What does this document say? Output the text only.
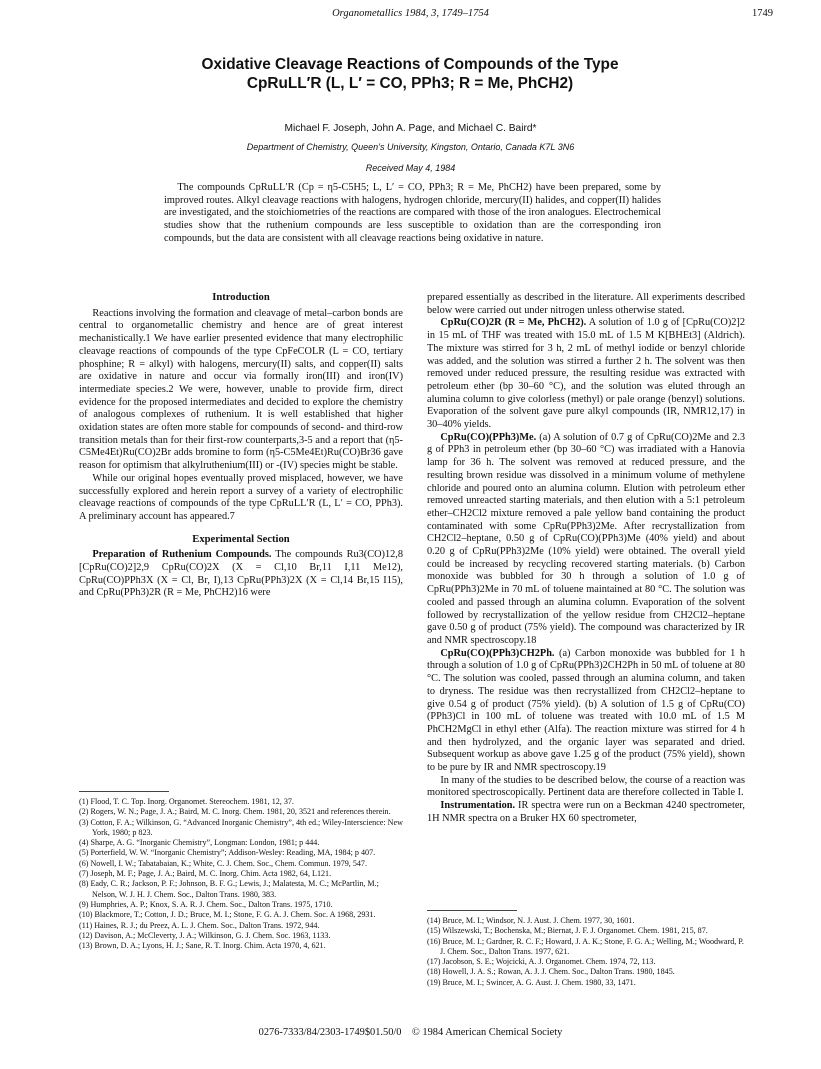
Organometallics 1984, 3, 1749–1754	1749
Oxidative Cleavage Reactions of Compounds of the Type
CpRuLL′R (L, L′ = CO, PPh3; R = Me, PhCH2)
Michael F. Joseph, John A. Page, and Michael C. Baird*
Department of Chemistry, Queen’s University, Kingston, Ontario, Canada K7L 3N6
Received May 4, 1984

The compounds CpRuLL′R (Cp = η5-C5H5; L, L′ = CO, PPh3; R = Me, PhCH2) have been prepared, some by improved routes. Alkyl cleavage reactions with halogens, hydrogen chloride, mercury(II) halides, and copper(II) halides are investigated, and the stoichiometries of the reactions are compared with those of the iron analogues. Electrochemical studies show that the ruthenium compounds are less susceptible to oxidation than are the corresponding iron compounds, but the data are consistent with all cleavage reactions being oxidative in nature.

Introduction

Reactions involving the formation and cleavage of metal–carbon bonds are central to organometallic chemistry and hence are of great interest mechanistically.1 We have earlier presented evidence that many electrophilic cleavage reactions of compounds of the type CpFeCOLR (L = CO, tertiary phosphine; R = alkyl) with halogens, mercury(II) salts, and copper(II) salts are oxidative in nature and occur via formally iron(III) and iron(IV) intermediate species.2 We were, however, unable to provide firm, direct evidence for the proposed intermediates and decided to explore the chemistry of analogous complexes of ruthenium. It is well established that higher oxidation states are often more stable for compounds of second- and third-row transition metals than for their first-row counterparts,3-5 and a report that (η5-C5Me4Et)Ru(CO)2Br adds bromine to form (η5-C5Me4Et)Ru(CO)Br36 gave reason for optimism that alkylruthenium(III) or -(IV) species might be stable.

While our original hopes eventually proved misplaced, however, we have successfully explored and herein report a survey of a variety of electrophilic cleavage reactions of compounds of the type CpRuLL′R (L, L′ = CO, PPh3). A preliminary account has appeared.7

Experimental Section

Preparation of Ruthenium Compounds. The compounds Ru3(CO)12,8 [CpRu(CO)2]2,9 CpRu(CO)2X (X = Cl,10 Br,11 I,11 Me12), CpRu(CO)PPh3X (X = Cl, Br, I),13 CpRu(PPh3)2X (X = Cl,14 Br,15 I15), and CpRu(PPh3)2R (R = Me, PhCH2)16 were

prepared essentially as described in the literature. All experiments described below were carried out under nitrogen unless otherwise stated.

CpRu(CO)2R (R = Me, PhCH2). A solution of 1.0 g of [CpRu(CO)2]2 in 15 mL of THF was treated with 15.0 mL of 1.5 M K[BHEt3] (Aldrich). The mixture was stirred for 3 h, 2 mL of methyl iodide or benzyl chloride was added, and the solution was stirred a further 2 h. The solvent was then removed under reduced pressure, the resulting residue was extracted with petroleum ether (bp 30–60 °C), and the solution was eluted through an alumina column to give colorless (methyl) or pale orange (benzyl) solutions. Evaporation of the solvent gave pure alkyl compounds (IR, NMR12,17) in 30–40% yields.

CpRu(CO)(PPh3)Me. (a) A solution of 0.7 g of CpRu(CO)2Me and 2.3 g of PPh3 in petroleum ether (bp 30–60 °C) was irradiated with a Hanovia lamp for 36 h. The solvent was removed at reduced pressure, and the resulting brown residue was dissolved in a minimum volume of methylene chloride and poured onto an alumina column. Elution with petroleum ether removed unreacted starting materials, and then elution with a 5:1 petroleum ether–CH2Cl2 mixture removed a pale yellow band containing the product contaminated with some CpRu(PPh3)2Me. After recrystallization from CH2Cl2–heptane, 0.50 g of CpRu(CO)(PPh3)Me (40% yield) and about 0.20 g of CpRu(PPh3)2Me (10% yield) were obtained. The overall yield could be increased by recycling recovered starting materials. (b) Carbon monoxide was bubbled for 30 h through a solution of 1.0 g of CpRu(PPh3)2Me in 70 mL of toluene maintained at 80 °C. The solution was cooled and passed through an alumina column. Evaporation of the solvent followed by recrystallization of the yellow residue from CH2Cl2–heptane gave 0.50 g of product (75% yield). The compound was characterized by IR and NMR spectroscopy.18

CpRu(CO)(PPh3)CH2Ph. (a) Carbon monoxide was bubbled for 1 h through a solution of 1.0 g of CpRu(PPh3)2CH2Ph in 50 mL of toluene at 80 °C. The solution was cooled, passed through an alumina column, and taken to dryness. The residue was then recrystallized from CH2Cl2–heptane to give 0.54 g of product (75% yield). (b) A solution of 1.5 g of CpRu(CO)(PPh3)Cl in 100 mL of toluene was treated with 10.0 mL of 1.5 M PhCH2MgCl in ethyl ether (Alfa). The reaction mixture was stirred for 4 h and then hydrolyzed, and the organic layer was separated and dried. Subsequent workup as above gave 1.25 g of the product (75% yield), shown to be pure by IR and NMR spectroscopy.19

In many of the studies to be described below, the course of a reaction was monitored spectroscopically. Pertinent data are therefore collected in Table I.

Instrumentation. IR spectra were run on a Beckman 4240 spectrometer, 1H NMR spectra on a Bruker HX 60 spectrometer,

(1) Flood, T. C. Top. Inorg. Organomet. Stereochem. 1981, 12, 37.
(2) Rogers, W. N.; Page, J. A.; Baird, M. C. Inorg. Chem. 1981, 20, 3521 and references therein.
(3) Cotton, F. A.; Wilkinson, G. “Advanced Inorganic Chemistry”, 4th ed.; Wiley-Interscience: New York, 1980; p 823.
(4) Sharpe, A. G. “Inorganic Chemistry”, Longman: London, 1981; p 444.
(5) Porterfield, W. W. “Inorganic Chemistry”; Addison-Wesley: Reading, MA, 1984; p 407.
(6) Nowell, I. W.; Tabatabaian, K.; White, C. J. Chem. Soc., Chem. Commun. 1979, 547.
(7) Joseph, M. F.; Page, J. A.; Baird, M. C. Inorg. Chim. Acta 1982, 64, L121.
(8) Eady, C. R.; Jackson, P. F.; Johnson, B. F. G.; Lewis, J.; Malatesta, M. C.; McPartlin, M.; Nelson, W. J. H. J. Chem. Soc., Dalton Trans. 1980, 383.
(9) Humphries, A. P.; Knox, S. A. R. J. Chem. Soc., Dalton Trans. 1975, 1710.
(10) Blackmore, T.; Cotton, J. D.; Bruce, M. I.; Stone, F. G. A. J. Chem. Soc. A 1968, 2931.
(11) Haines, R. J.; du Preez, A. L. J. Chem. Soc., Dalton Trans. 1972, 944.
(12) Davison, A.; McCleverty, J. A.; Wilkinson, G. J. Chem. Soc. 1963, 1133.
(13) Brown, D. A.; Lyons, H. J.; Sane, R. T. Inorg. Chim. Acta 1970, 4, 621.
(14) Bruce, M. I.; Windsor, N. J. Aust. J. Chem. 1977, 30, 1601.
(15) Wilszewski, T.; Bochenska, M.; Biernat, J. F. J. Organomet. Chem. 1981, 215, 87.
(16) Bruce, M. I.; Gardner, R. C. F.; Howard, J. A. K.; Stone, F. G. A.; Welling, M.; Woodward, P. J. Chem. Soc., Dalton Trans. 1977, 621.
(17) Jacobson, S. E.; Wojcicki, A. J. Organomet. Chem. 1974, 72, 113.
(18) Howell, J. A. S.; Rowan, A. J. J. Chem. Soc., Dalton Trans. 1980, 1845.
(19) Bruce, M. I.; Swincer, A. G. Aust. J. Chem. 1980, 33, 1471.
0276-7333/84/2303-1749$01.50/0 © 1984 American Chemical Society
